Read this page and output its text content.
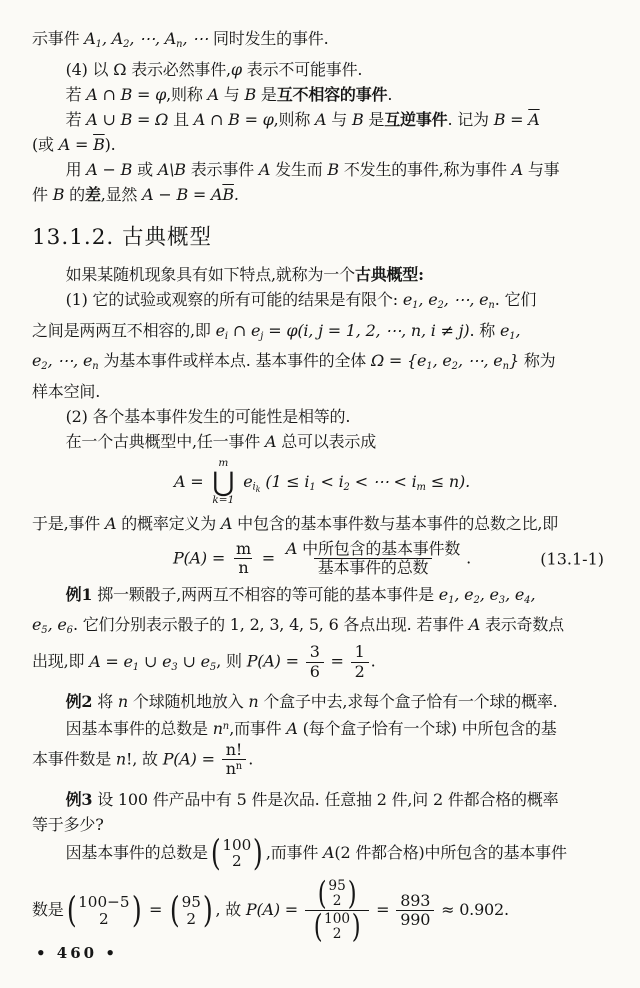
示事件 A1, A2, ⋯, An, ⋯ 同时发生的事件.
(4) 以 Ω 表示必然事件,φ 表示不可能事件.
若 A ∩ B = φ,则称 A 与 B 是互不相容的事件.
若 A ∪ B = Ω 且 A ∩ B = φ,则称 A 与 B 是互逆事件. 记为 $B = \overline{A}$
(或 $A = \overline{B}$).
用 A − B 或 A\B 表示事件 A 发生而 B 不发生的事件,称为事件 A 与事
件 B 的差,显然 $A - B = A\overline{B}$.
13.1.2. 古典概型
如果某随机现象具有如下特点,就称为一个古典概型:
(1) 它的试验或观察的所有可能的结果是有限个: e1, e2, ⋯, en. 它们
之间是两两互不相容的,即 ei ∩ ej = φ(i, j = 1, 2, ⋯, n, i ≠ j). 称 e1,
e2, ⋯, en 为基本事件或样本点. 基本事件的全体 Ω = {e1, e2, ⋯, en} 称为
样本空间.
(2) 各个基本事件发生的可能性是相等的.
在一个古典概型中,任一事件 A 总可以表示成
A =
m
⋃
k=1
$ei_k$ (1 ≤ i1 < i2 < ⋯ < im ≤ n).
于是,事件 A 的概率定义为 A 中包含的基本事件数与基本事件的总数之比,即
$P(A) = \frac{m}{n} = \frac{\text{A 中所包含的基本事件数}}{\text{基本事件的总数}}$ .	(13.1-1)
例1 掷一颗骰子,两两互不相容的等可能的基本事件是 e1, e2, e3, e4,
e5, e6. 它们分别表示骰子的 1, 2, 3, 4, 5, 6 各点出现. 若事件 A 表示奇数点
出现,即 A = e1 ∪ e3 ∪ e5, 则 $P(A) = \frac{3}{6} = \frac{1}{2}$ .
例2 将 n 个球随机地放入 n 个盒子中去,求每个盒子恰有一个球的概率.
因基本事件的总数是 $n^n$,而事件 A (每个盒子恰有一个球) 中所包含的基
本事件数是 n!, 故 $P(A) = \frac{n!}{n^n}$ .
例3 设 100 件产品中有 5 件是次品. 任意抽 2 件,问 2 件都合格的概率
等于多少?
因基本事件的总数是 ( 100
2 ) ,而事件 A(2 件都合格)中所包含的基本事件
数是 ( 100−5
2 ) = ( 95
2 ) , 故 P(A) = ( 95
2 )
( 100
2 ) = $\frac{893}{990} \approx 0.902$.
• 460 •
